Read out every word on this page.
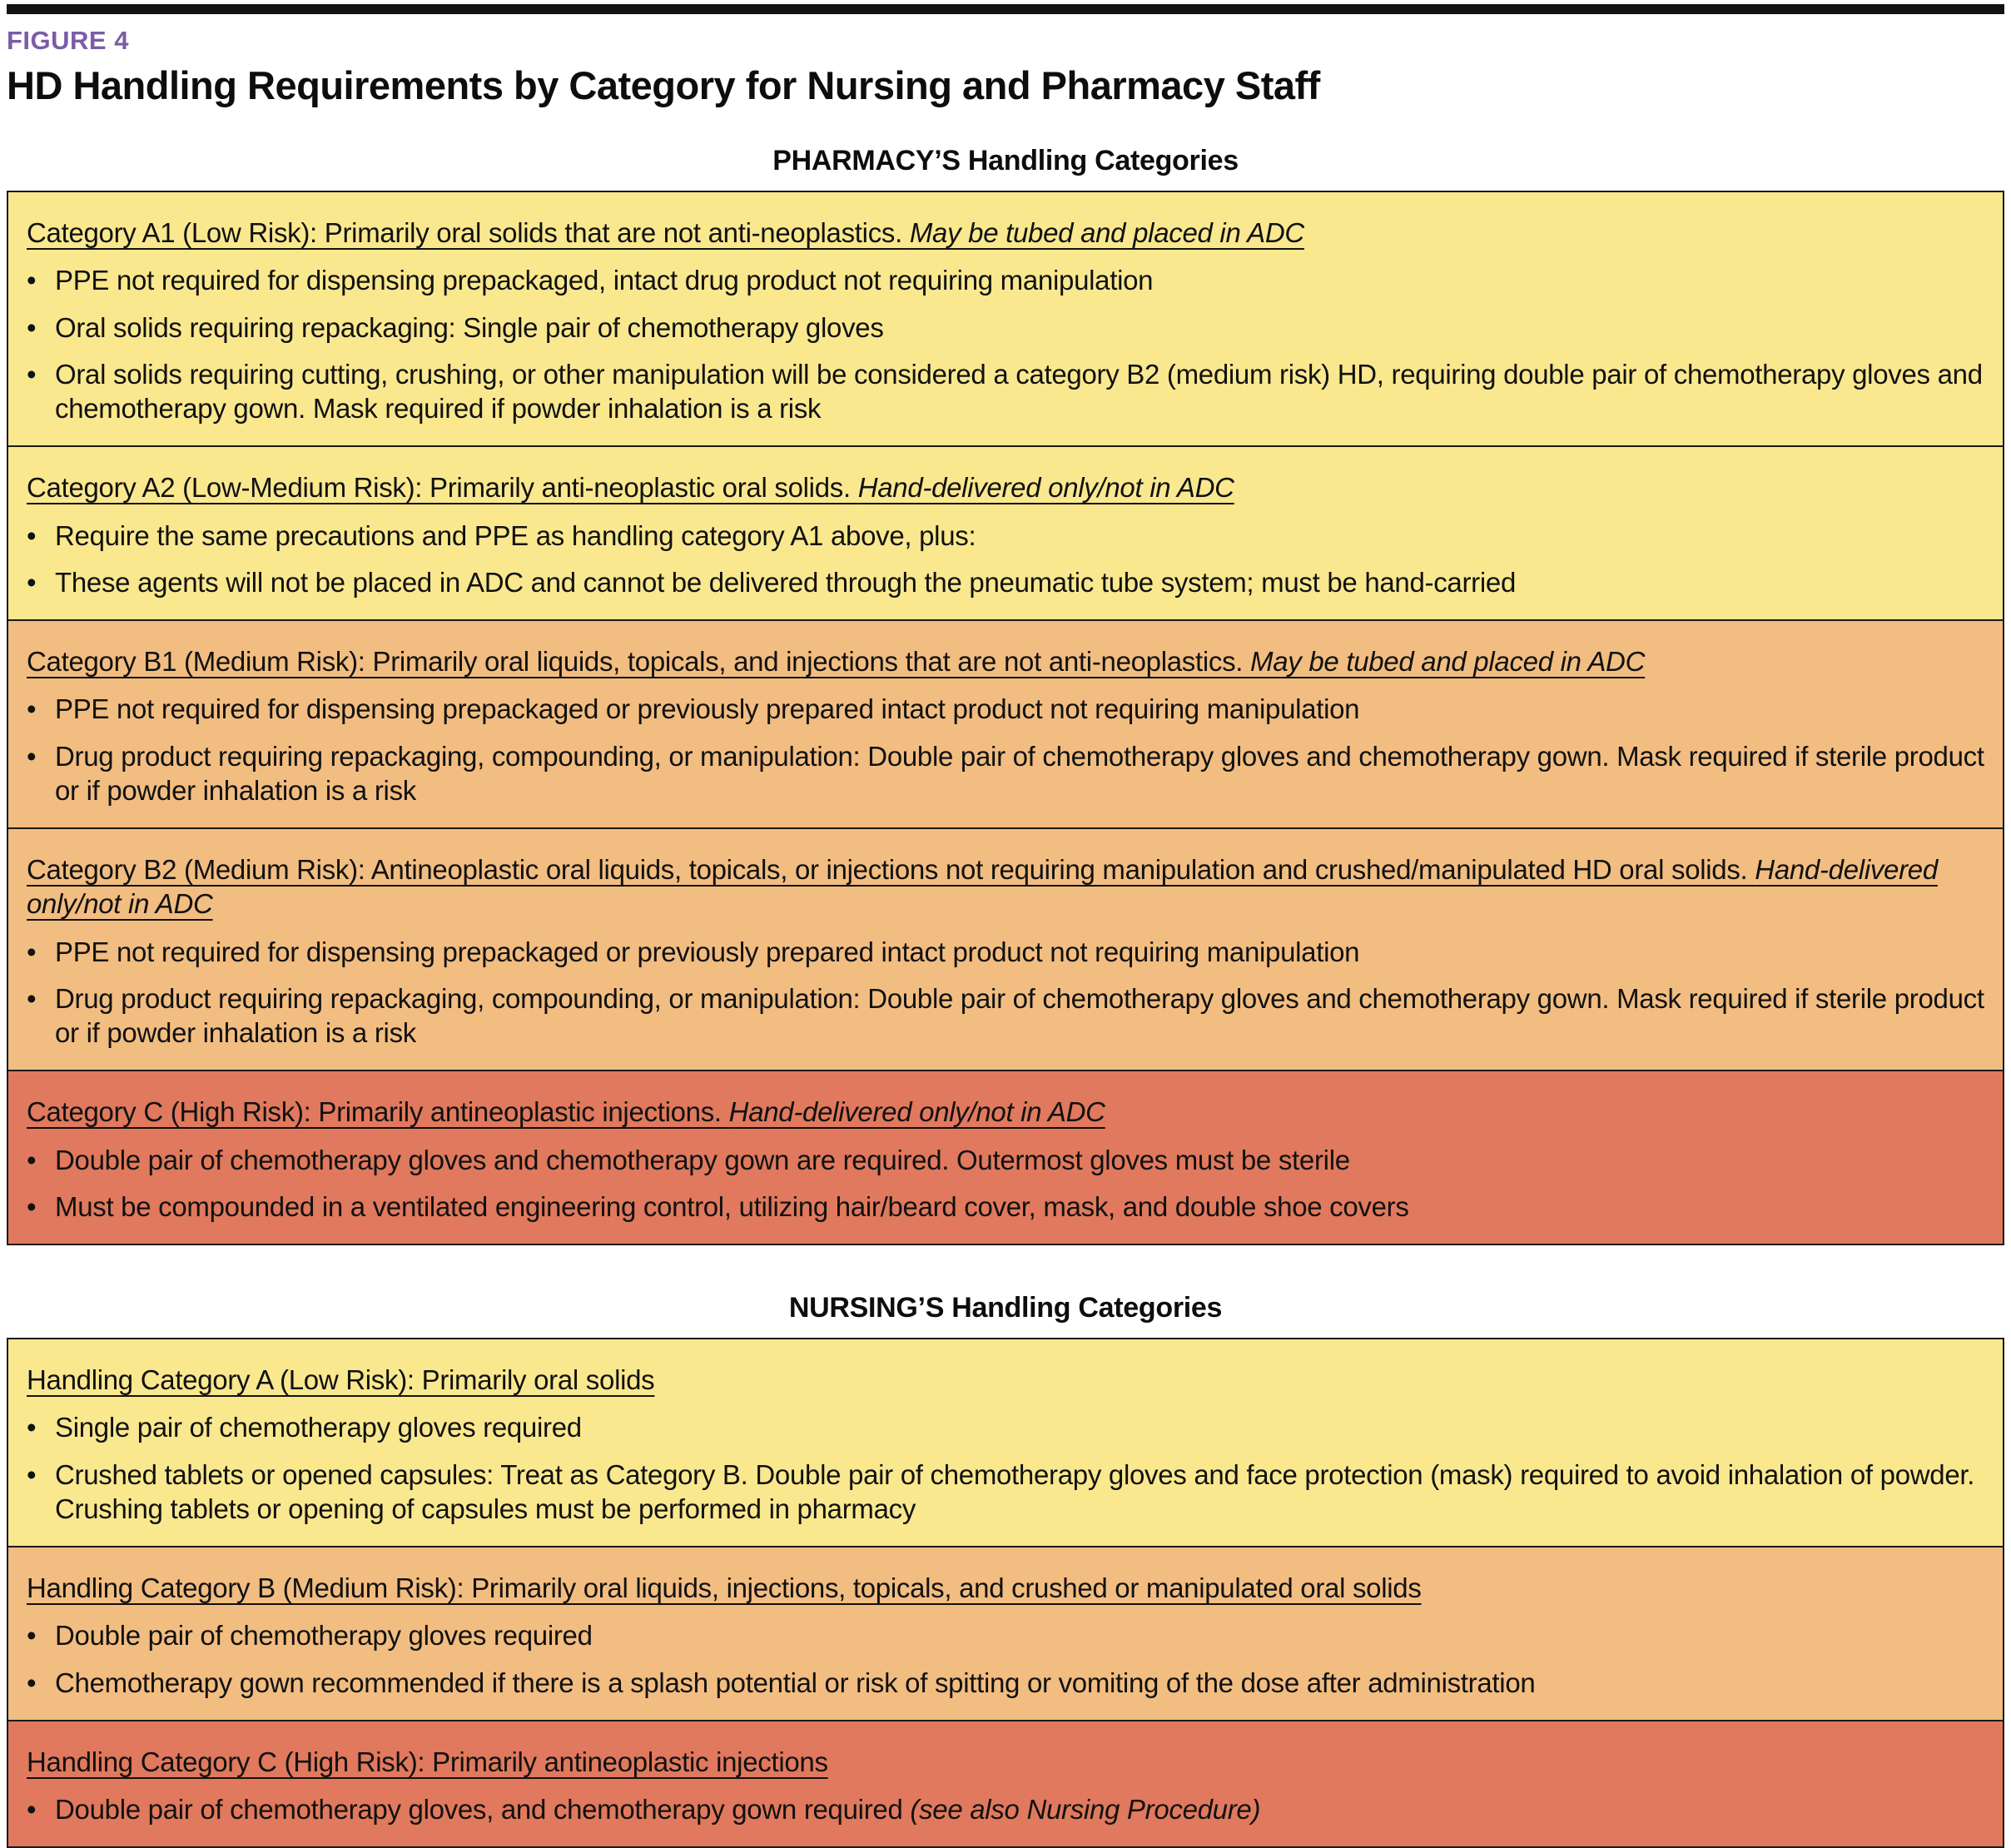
FIGURE 4
HD Handling Requirements by Category for Nursing and Pharmacy Staff
PHARMACY’S Handling Categories
Category A1 (Low Risk): Primarily oral solids that are not anti-neoplastics. May be tubed and placed in ADC
• PPE not required for dispensing prepackaged, intact drug product not requiring manipulation
• Oral solids requiring repackaging: Single pair of chemotherapy gloves
• Oral solids requiring cutting, crushing, or other manipulation will be considered a category B2 (medium risk) HD, requiring double pair of chemotherapy gloves and chemotherapy gown. Mask required if powder inhalation is a risk
Category A2 (Low-Medium Risk): Primarily anti-neoplastic oral solids. Hand-delivered only/not in ADC
• Require the same precautions and PPE as handling category A1 above, plus:
• These agents will not be placed in ADC and cannot be delivered through the pneumatic tube system; must be hand-carried
Category B1 (Medium Risk): Primarily oral liquids, topicals, and injections that are not anti-neoplastics. May be tubed and placed in ADC
• PPE not required for dispensing prepackaged or previously prepared intact product not requiring manipulation
• Drug product requiring repackaging, compounding, or manipulation: Double pair of chemotherapy gloves and chemotherapy gown. Mask required if sterile product or if powder inhalation is a risk
Category B2 (Medium Risk): Antineoplastic oral liquids, topicals, or injections not requiring manipulation and crushed/manipulated HD oral solids. Hand-delivered only/not in ADC
• PPE not required for dispensing prepackaged or previously prepared intact product not requiring manipulation
• Drug product requiring repackaging, compounding, or manipulation: Double pair of chemotherapy gloves and chemotherapy gown. Mask required if sterile product or if powder inhalation is a risk
Category C (High Risk): Primarily antineoplastic injections. Hand-delivered only/not in ADC
• Double pair of chemotherapy gloves and chemotherapy gown are required. Outermost gloves must be sterile
• Must be compounded in a ventilated engineering control, utilizing hair/beard cover, mask, and double shoe covers
NURSING’S Handling Categories
Handling Category A (Low Risk): Primarily oral solids
• Single pair of chemotherapy gloves required
• Crushed tablets or opened capsules: Treat as Category B. Double pair of chemotherapy gloves and face protection (mask) required to avoid inhalation of powder. Crushing tablets or opening of capsules must be performed in pharmacy
Handling Category B (Medium Risk): Primarily oral liquids, injections, topicals, and crushed or manipulated oral solids
• Double pair of chemotherapy gloves required
• Chemotherapy gown recommended if there is a splash potential or risk of spitting or vomiting of the dose after administration
Handling Category C (High Risk): Primarily antineoplastic injections
• Double pair of chemotherapy gloves, and chemotherapy gown required (see also Nursing Procedure)
